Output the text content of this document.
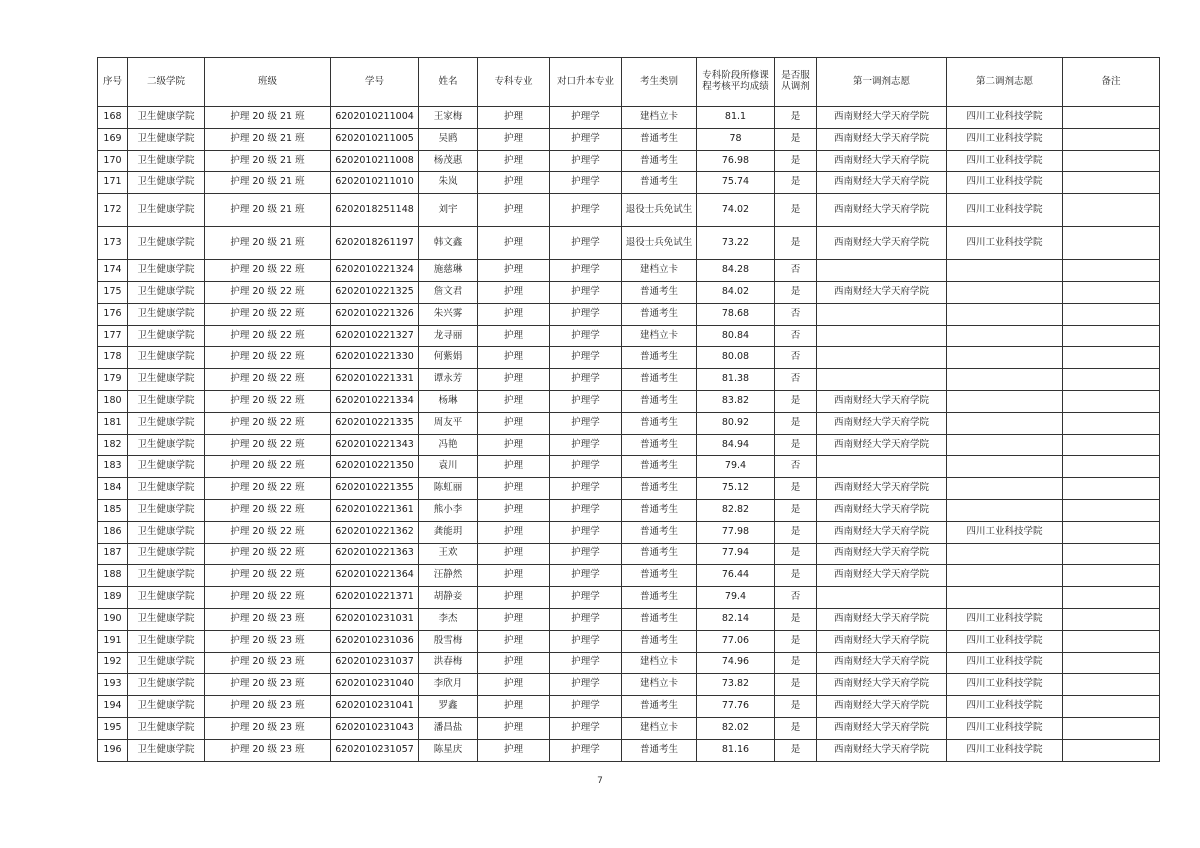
序号	二级学院	班级	学号	姓名	专科专业	对口升本专业	考生类别	专科阶段所修课程考核平均成绩	是否服从调剂	第一调剂志愿	第二调剂志愿	备注
168	卫生健康学院	护理 20 级 21 班	6202010211004	王家梅	护理	护理学	建档立卡	81.1	是	西南财经大学天府学院	四川工业科技学院	
169	卫生健康学院	护理 20 级 21 班	6202010211005	吴鸥	护理	护理学	普通考生	78	是	西南财经大学天府学院	四川工业科技学院	
170	卫生健康学院	护理 20 级 21 班	6202010211008	杨茂惠	护理	护理学	普通考生	76.98	是	西南财经大学天府学院	四川工业科技学院	
171	卫生健康学院	护理 20 级 21 班	6202010211010	朱岚	护理	护理学	普通考生	75.74	是	西南财经大学天府学院	四川工业科技学院	
172	卫生健康学院	护理 20 级 21 班	6202018251148	刘宇	护理	护理学	退役士兵免试生	74.02	是	西南财经大学天府学院	四川工业科技学院	
173	卫生健康学院	护理 20 级 21 班	6202018261197	韩文鑫	护理	护理学	退役士兵免试生	73.22	是	西南财经大学天府学院	四川工业科技学院	
174	卫生健康学院	护理 20 级 22 班	6202010221324	施慈琳	护理	护理学	建档立卡	84.28	否			
175	卫生健康学院	护理 20 级 22 班	6202010221325	詹文君	护理	护理学	普通考生	84.02	是	西南财经大学天府学院		
176	卫生健康学院	护理 20 级 22 班	6202010221326	朱兴雾	护理	护理学	普通考生	78.68	否			
177	卫生健康学院	护理 20 级 22 班	6202010221327	龙寻丽	护理	护理学	建档立卡	80.84	否			
178	卫生健康学院	护理 20 级 22 班	6202010221330	何紫娟	护理	护理学	普通考生	80.08	否			
179	卫生健康学院	护理 20 级 22 班	6202010221331	谭永芳	护理	护理学	普通考生	81.38	否			
180	卫生健康学院	护理 20 级 22 班	6202010221334	杨琳	护理	护理学	普通考生	83.82	是	西南财经大学天府学院		
181	卫生健康学院	护理 20 级 22 班	6202010221335	周友平	护理	护理学	普通考生	80.92	是	西南财经大学天府学院		
182	卫生健康学院	护理 20 级 22 班	6202010221343	冯艳	护理	护理学	普通考生	84.94	是	西南财经大学天府学院		
183	卫生健康学院	护理 20 级 22 班	6202010221350	袁川	护理	护理学	普通考生	79.4	否			
184	卫生健康学院	护理 20 级 22 班	6202010221355	陈虹丽	护理	护理学	普通考生	75.12	是	西南财经大学天府学院		
185	卫生健康学院	护理 20 级 22 班	6202010221361	熊小李	护理	护理学	普通考生	82.82	是	西南财经大学天府学院		
186	卫生健康学院	护理 20 级 22 班	6202010221362	龚能玥	护理	护理学	普通考生	77.98	是	西南财经大学天府学院	四川工业科技学院	
187	卫生健康学院	护理 20 级 22 班	6202010221363	王欢	护理	护理学	普通考生	77.94	是	西南财经大学天府学院		
188	卫生健康学院	护理 20 级 22 班	6202010221364	汪静然	护理	护理学	普通考生	76.44	是	西南财经大学天府学院		
189	卫生健康学院	护理 20 级 22 班	6202010221371	胡静妾	护理	护理学	普通考生	79.4	否			
190	卫生健康学院	护理 20 级 23 班	6202010231031	李杰	护理	护理学	普通考生	82.14	是	西南财经大学天府学院	四川工业科技学院	
191	卫生健康学院	护理 20 级 23 班	6202010231036	殷雪梅	护理	护理学	普通考生	77.06	是	西南财经大学天府学院	四川工业科技学院	
192	卫生健康学院	护理 20 级 23 班	6202010231037	洪春梅	护理	护理学	建档立卡	74.96	是	西南财经大学天府学院	四川工业科技学院	
193	卫生健康学院	护理 20 级 23 班	6202010231040	李欣月	护理	护理学	建档立卡	73.82	是	西南财经大学天府学院	四川工业科技学院	
194	卫生健康学院	护理 20 级 23 班	6202010231041	罗鑫	护理	护理学	普通考生	77.76	是	西南财经大学天府学院	四川工业科技学院	
195	卫生健康学院	护理 20 级 23 班	6202010231043	潘昌盐	护理	护理学	建档立卡	82.02	是	西南财经大学天府学院	四川工业科技学院	
196	卫生健康学院	护理 20 级 23 班	6202010231057	陈星庆	护理	护理学	普通考生	81.16	是	西南财经大学天府学院	四川工业科技学院	
7
